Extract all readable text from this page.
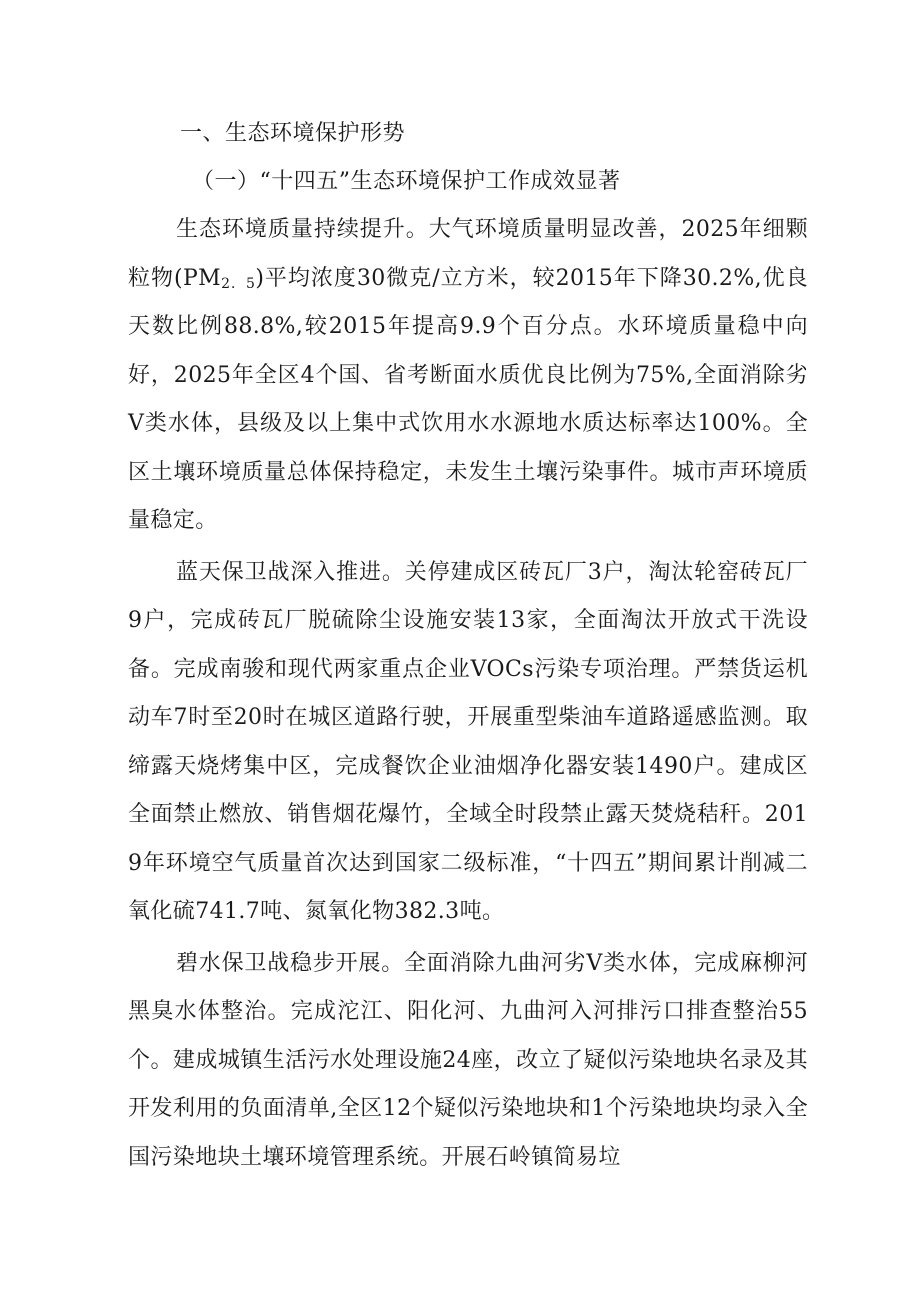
一、生态环境保护形势
（一）“十四五”生态环境保护工作成效显著

生态环境质量持续提升。大气环境质量明显改善，2025年细颗粒物$(PM_{2.5})$平均浓度30微克/立方米，较2015年下降30.2%,优良天数比例88.8%,较2015年提高9.9个百分点。水环境质量稳中向好，2025年全区4个国、省考断面水质优良比例为75%,全面消除劣V类水体，县级及以上集中式饮用水水源地水质达标率达100%。全区土壤环境质量总体保持稳定，未发生土壤污染事件。城市声环境质量稳定。

蓝天保卫战深入推进。关停建成区砖瓦厂3户，淘汰轮窑砖瓦厂9户，完成砖瓦厂脱硫除尘设施安装13家，全面淘汰开放式干洗设备。完成南骏和现代两家重点企业VOCs污染专项治理。严禁货运机动车7时至20时在城区道路行驶，开展重型柴油车道路遥感监测。取缔露天烧烤集中区，完成餐饮企业油烟净化器安装1490户。建成区全面禁止燃放、销售烟花爆竹，全域全时段禁止露天焚烧秸秆。2019年环境空气质量首次达到国家二级标准，“十四五”期间累计削减二氧化硫741.7吨、氮氧化物382.3吨。

碧水保卫战稳步开展。全面消除九曲河劣V类水体，完成麻柳河黑臭水体整治。完成沱江、阳化河、九曲河入河排污口排查整治55个。建成城镇生活污水处理设施24座，改立了疑似污染地块名录及其开发利用的负面清单,全区12个疑似污染地块和1个污染地块均录入全国污染地块土壤环境管理系统。开展石岭镇简易垃
